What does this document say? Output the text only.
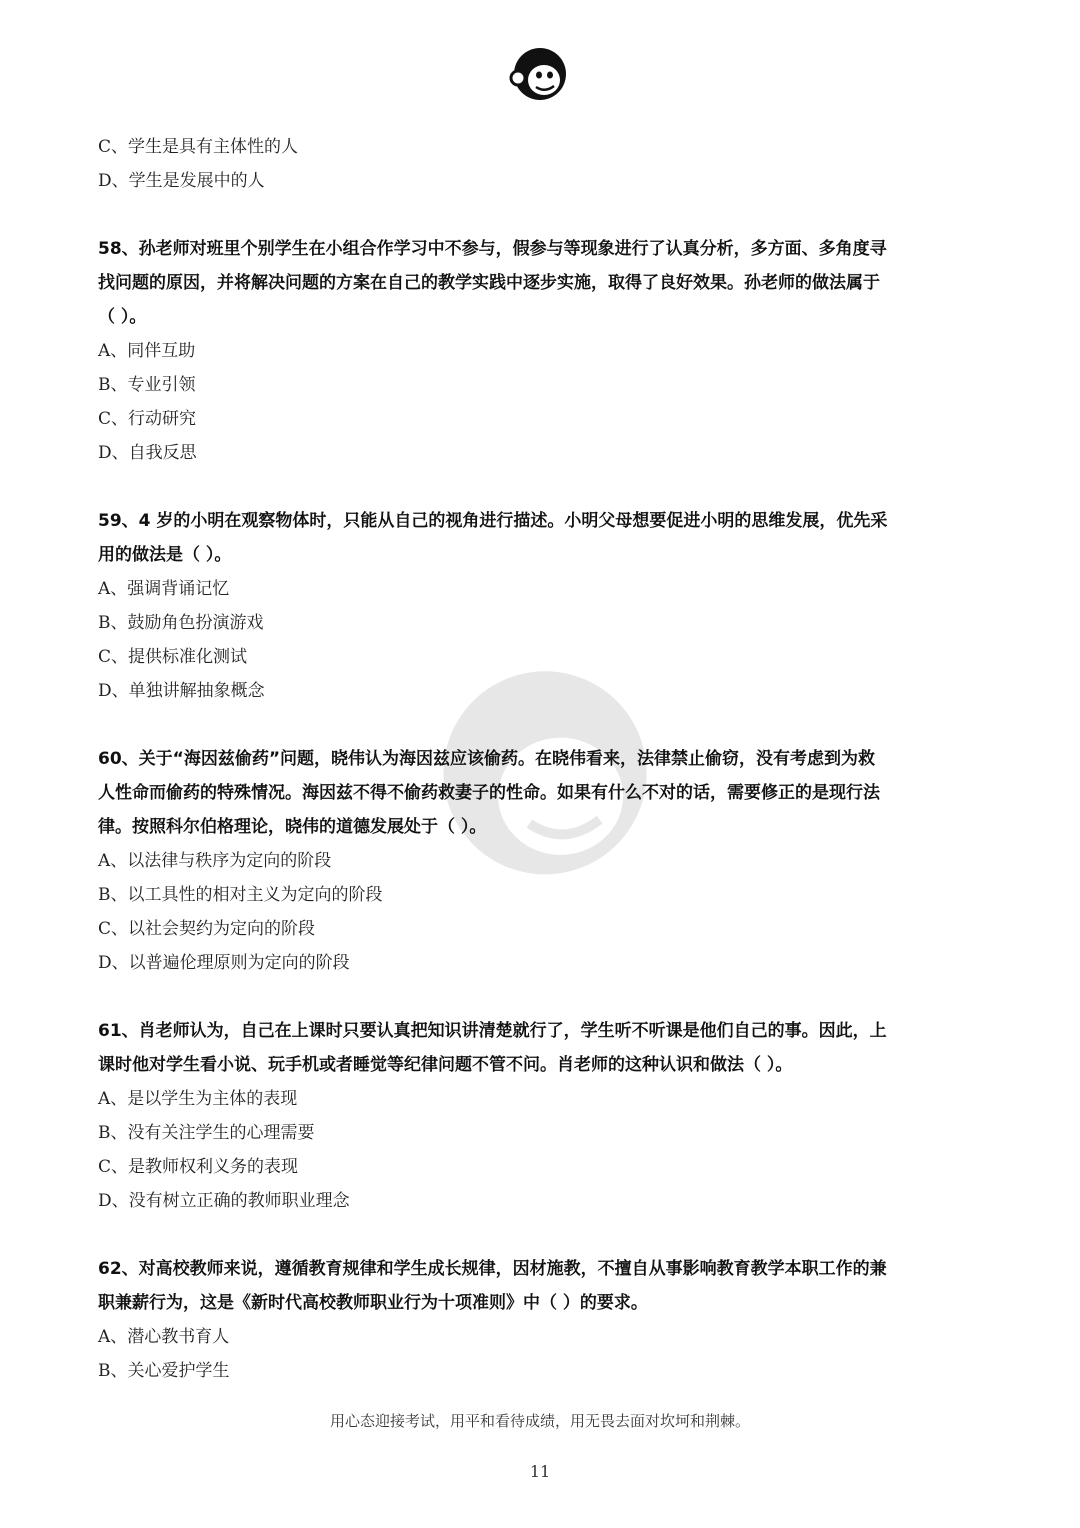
C、学生是具有主体性的人
D、学生是发展中的人
58、孙老师对班里个别学生在小组合作学习中不参与，假参与等现象进行了认真分析，多方面、多角度寻
找问题的原因，并将解决问题的方案在自己的教学实践中逐步实施，取得了良好效果。孙老师的做法属于
（ ）。
A、同伴互助
B、专业引领
C、行动研究
D、自我反思
59、4 岁的小明在观察物体时，只能从自己的视角进行描述。小明父母想要促进小明的思维发展，优先采
用的做法是（ ）。
A、强调背诵记忆
B、鼓励角色扮演游戏
C、提供标准化测试
D、单独讲解抽象概念
60、关于“海因兹偷药”问题，晓伟认为海因兹应该偷药。在晓伟看来，法律禁止偷窃，没有考虑到为救
人性命而偷药的特殊情况。海因兹不得不偷药救妻子的性命。如果有什么不对的话，需要修正的是现行法
律。按照科尔伯格理论，晓伟的道德发展处于（ ）。
A、以法律与秩序为定向的阶段
B、以工具性的相对主义为定向的阶段
C、以社会契约为定向的阶段
D、以普遍伦理原则为定向的阶段
61、肖老师认为，自己在上课时只要认真把知识讲清楚就行了，学生听不听课是他们自己的事。因此，上
课时他对学生看小说、玩手机或者睡觉等纪律问题不管不问。肖老师的这种认识和做法（ ）。
A、是以学生为主体的表现
B、没有关注学生的心理需要
C、是教师权利义务的表现
D、没有树立正确的教师职业理念
62、对高校教师来说，遵循教育规律和学生成长规律，因材施教，不擅自从事影响教育教学本职工作的兼
职兼薪行为，这是《新时代高校教师职业行为十项准则》中（ ）的要求。
A、潜心教书育人
B、关心爱护学生
用心态迎接考试，用平和看待成绩，用无畏去面对坎坷和荆棘。
11
